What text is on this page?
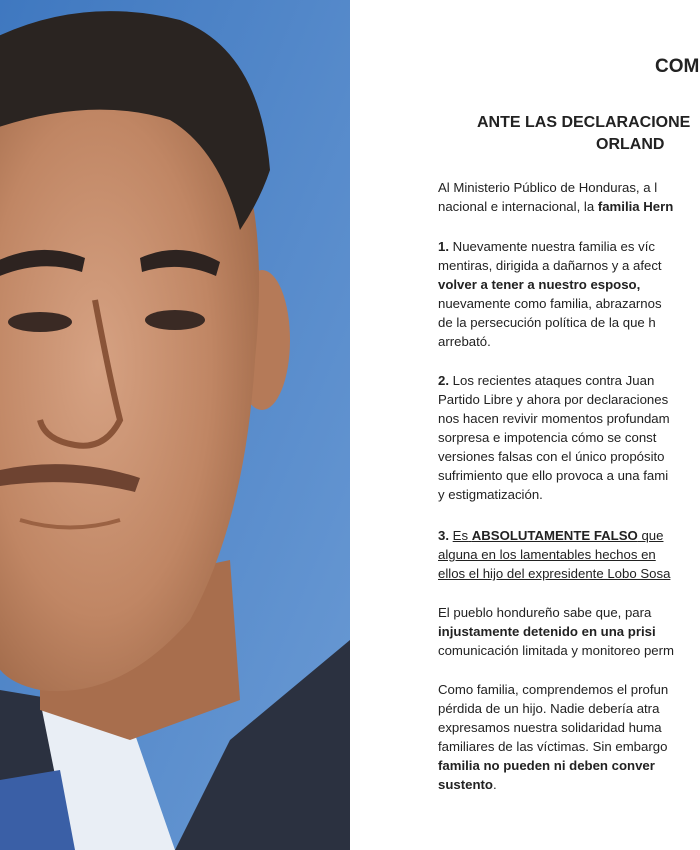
COM

ANTE LAS DECLARACIONE

ORLAND

Al Ministerio Público de Honduras, a l

nacional e internacional, la familia Hern

1. Nuevamente nuestra familia es víc

mentiras, dirigida a dañarnos y a afect

volver a tener a nuestro esposo,

nuevamente como familia, abrazarnos

de la persecución política de la que h

arrebató.

2. Los recientes ataques contra Juan

Partido Libre y ahora por declaraciones

nos hacen revivir momentos profundam

sorpresa e impotencia cómo se const

versiones falsas con el único propósito

sufrimiento que ello provoca a una fami

y estigmatización.

3. Es ABSOLUTAMENTE FALSO que

alguna en los lamentables hechos en

ellos el hijo del expresidente Lobo Sosa

El pueblo hondureño sabe que, para

injustamente detenido en una prisi

comunicación limitada y monitoreo perm

Como familia, comprendemos el profun

pérdida de un hijo. Nadie debería atra

expresamos nuestra solidaridad huma

familiares de las víctimas. Sin embargo

familia no pueden ni deben conver

sustento.
